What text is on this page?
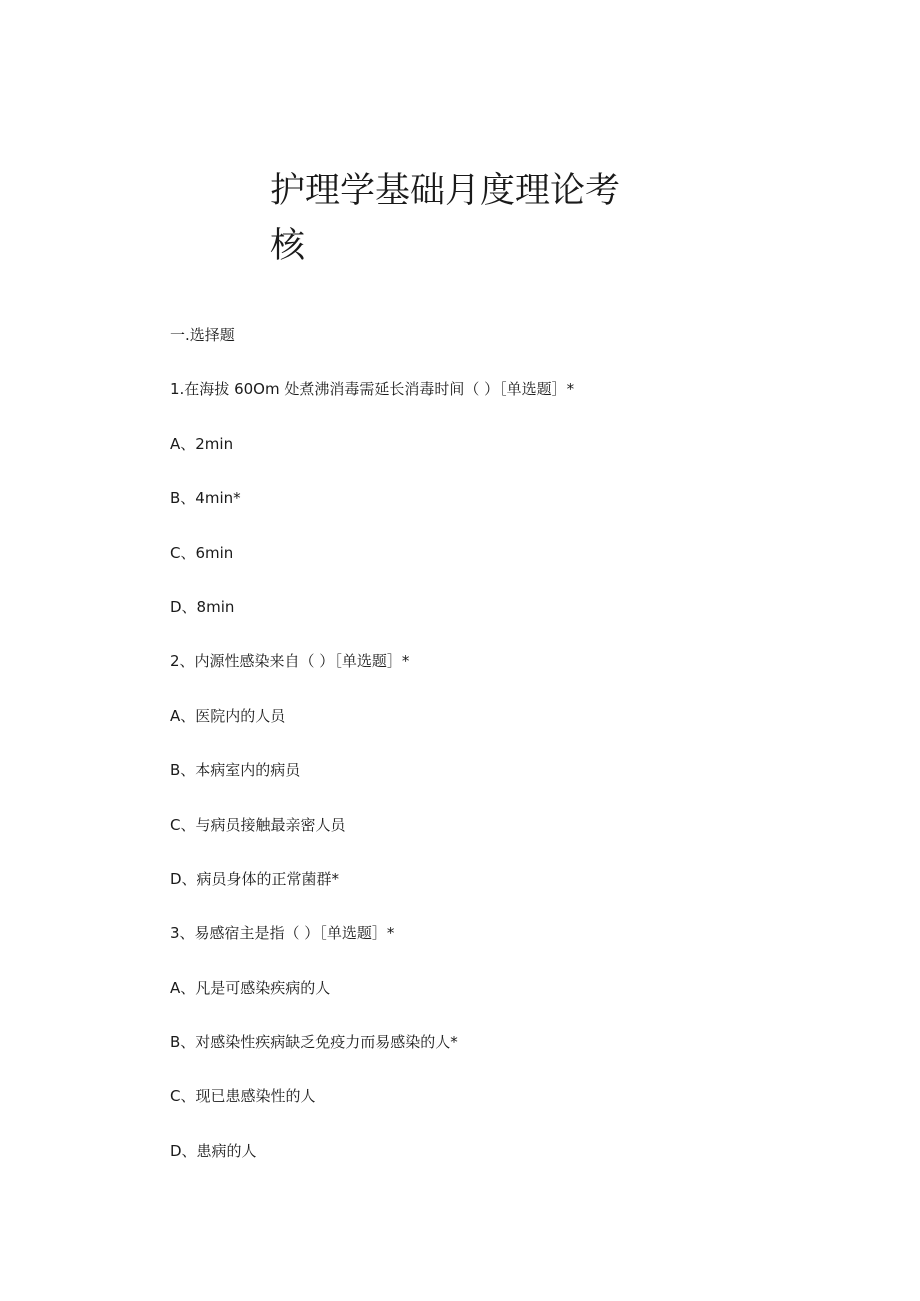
护理学基础月度理论考
核

一.选择题

1.在海拔 60Om 处煮沸消毒需延长消毒时间（ ）［单选题］*

A、2min

B、4min*

C、6min

D、8min

2、内源性感染来自（ ）［单选题］*

A、医院内的人员

B、本病室内的病员

C、与病员接触最亲密人员

D、病员身体的正常菌群*

3、易感宿主是指（ ）［单选题］*

A、凡是可感染疾病的人

B、对感染性疾病缺乏免疫力而易感染的人*

C、现已患感染性的人

D、患病的人
